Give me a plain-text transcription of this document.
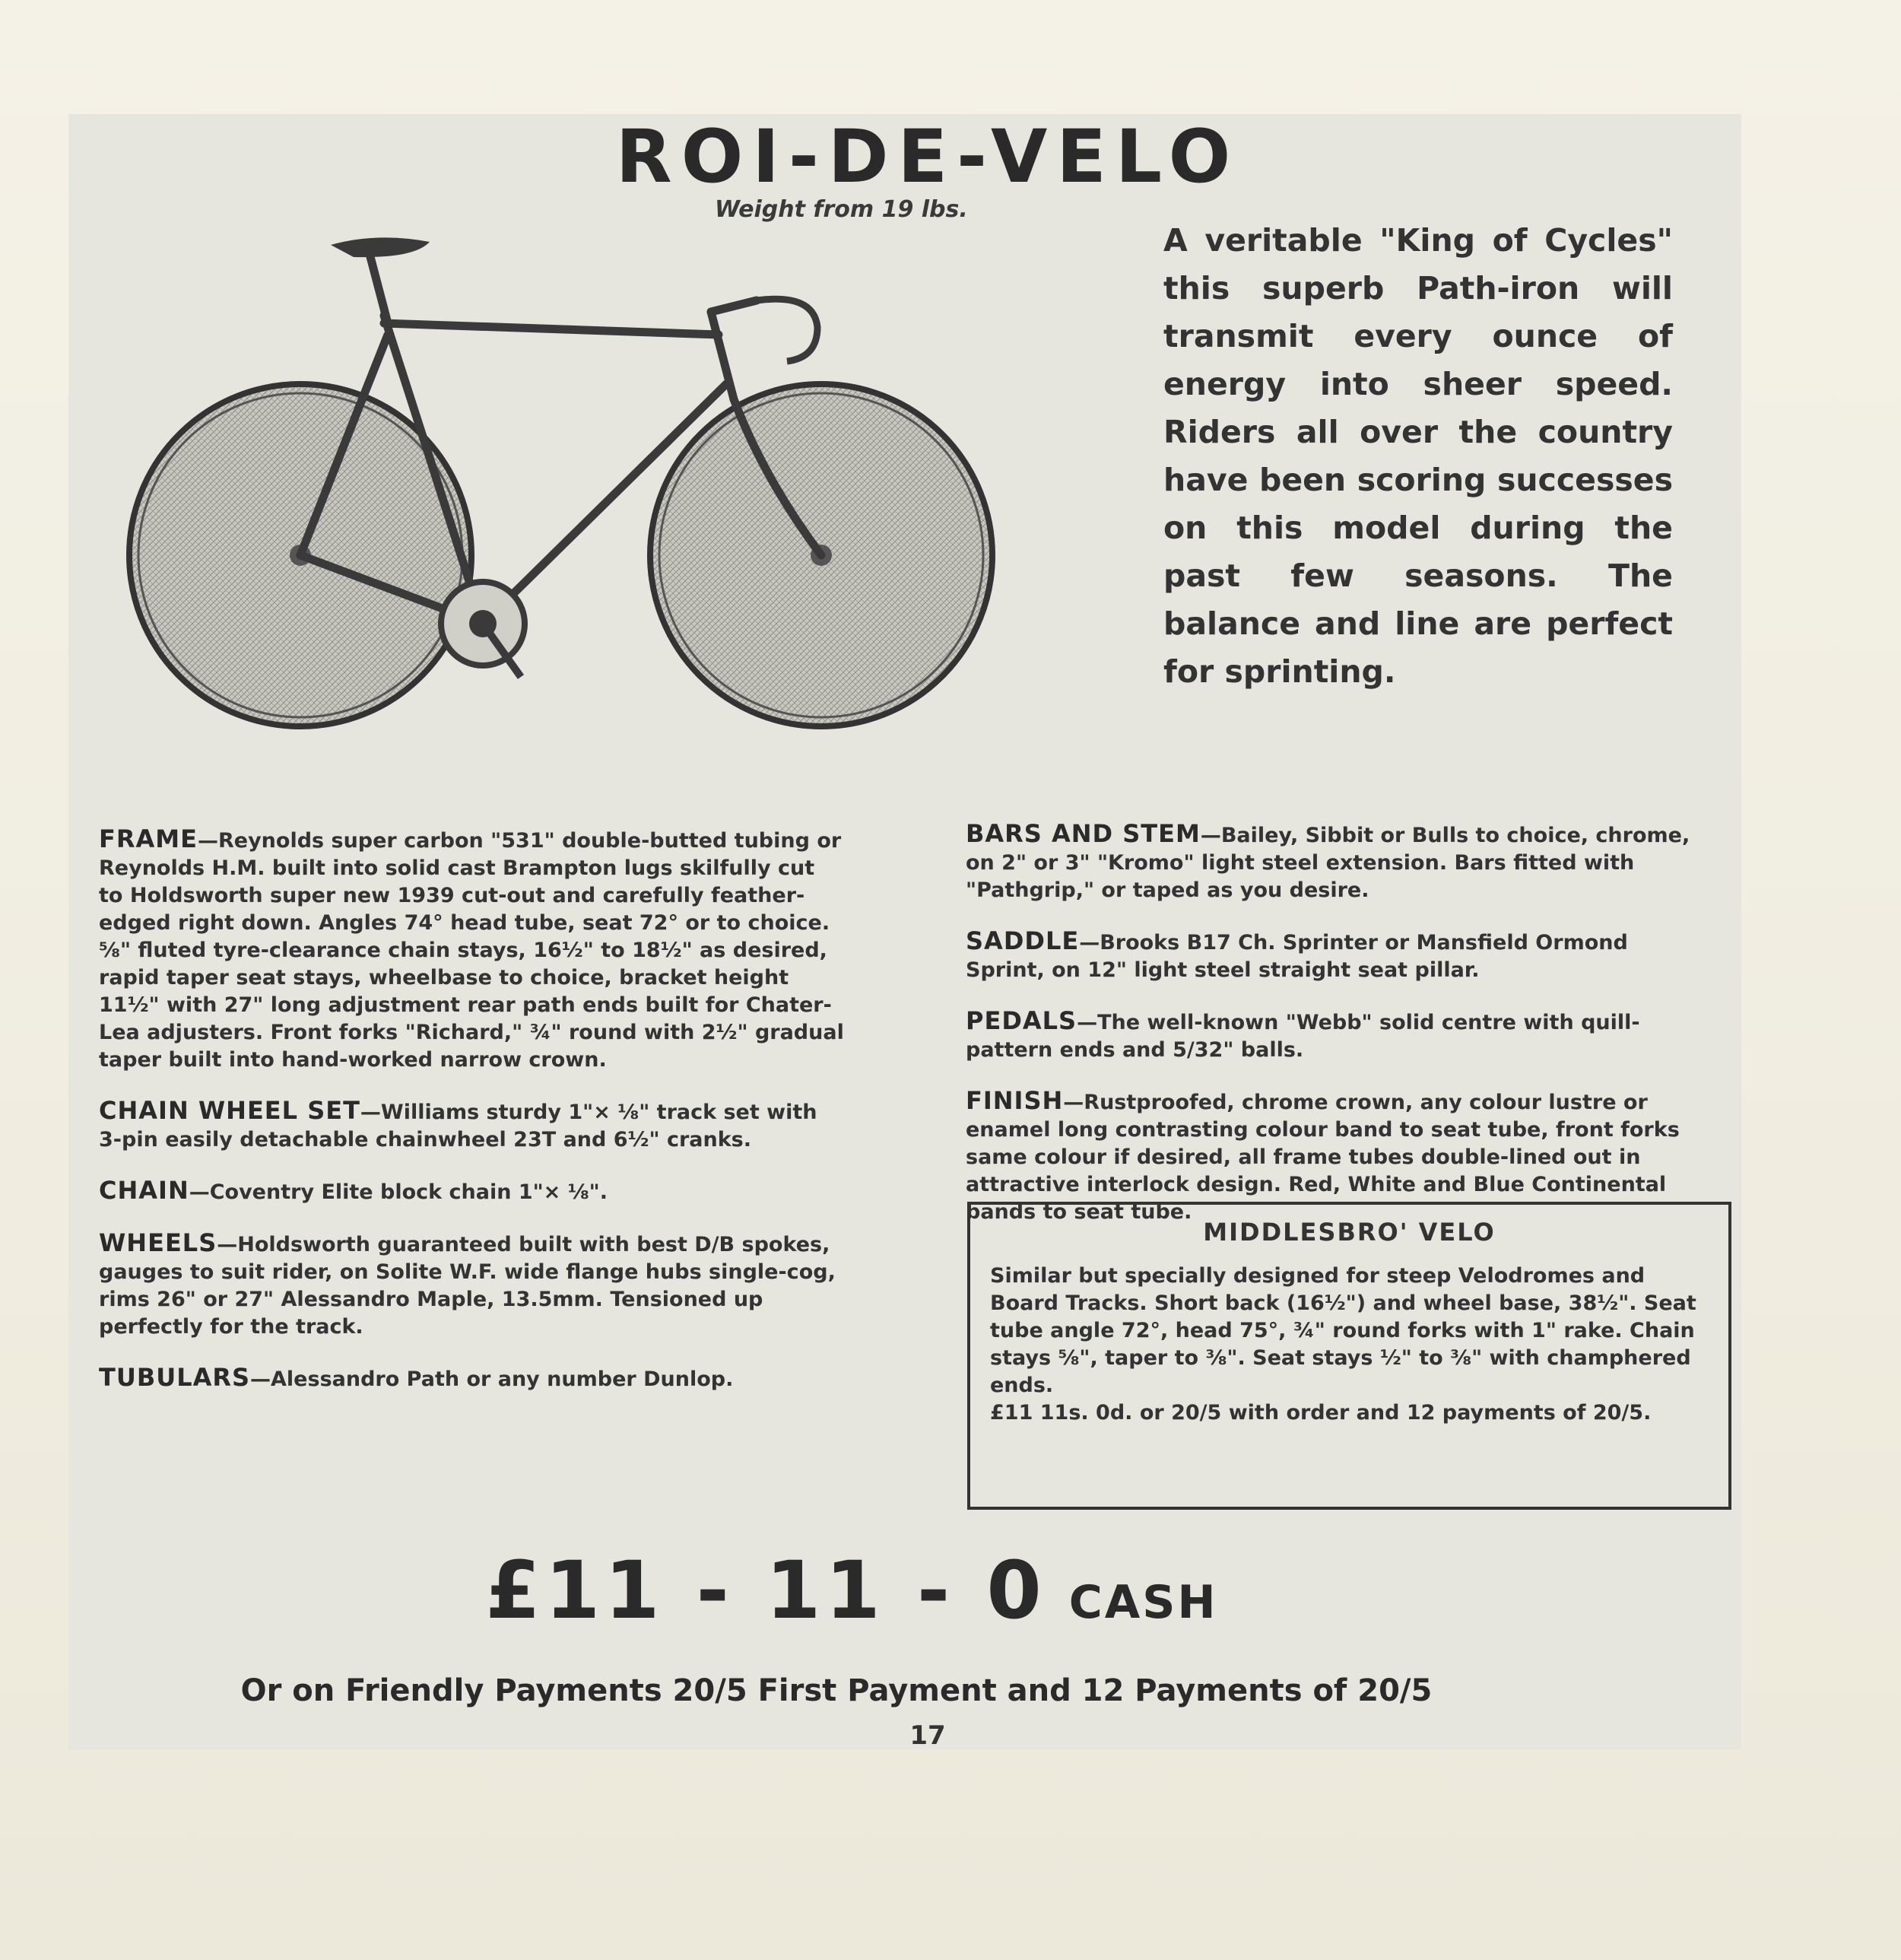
ROI-DE-VELO
Weight from 19 lbs.
A veritable "King of Cycles" this superb Path-iron will transmit every ounce of energy into sheer speed. Riders all over the country have been scoring successes on this model during the past few seasons. The balance and line are perfect for sprinting.
FRAME—Reynolds super carbon "531" double-butted tubing or Reynolds H.M. built into solid cast Brampton lugs skilfully cut to Holdsworth super new 1939 cut-out and carefully feather-edged right down. Angles 74° head tube, seat 72° or to choice. ⅝" fluted tyre-clearance chain stays, 16½" to 18½" as desired, rapid taper seat stays, wheelbase to choice, bracket height 11½" with 27" long adjustment rear path ends built for Chater-Lea adjusters. Front forks "Richard," ¾" round with 2½" gradual taper built into hand-worked narrow crown.
CHAIN WHEEL SET—Williams sturdy 1"× ⅛" track set with 3-pin easily detachable chainwheel 23T and 6½" cranks.
CHAIN—Coventry Elite block chain 1"× ⅛".
WHEELS—Holdsworth guaranteed built with best D/B spokes, gauges to suit rider, on Solite W.F. wide flange hubs single-cog, rims 26" or 27" Alessandro Maple, 13.5mm. Tensioned up perfectly for the track.
TUBULARS—Alessandro Path or any number Dunlop.
BARS AND STEM—Bailey, Sibbit or Bulls to choice, chrome, on 2" or 3" "Kromo" light steel extension. Bars fitted with "Pathgrip," or taped as you desire.
SADDLE—Brooks B17 Ch. Sprinter or Mansfield Ormond Sprint, on 12" light steel straight seat pillar.
PEDALS—The well-known "Webb" solid centre with quill-pattern ends and 5/32" balls.
FINISH—Rustproofed, chrome crown, any colour lustre or enamel long contrasting colour band to seat tube, front forks same colour if desired, all frame tubes double-lined out in attractive interlock design. Red, White and Blue Continental bands to seat tube.
MIDDLESBRO' VELO
Similar but specially designed for steep Velodromes and Board Tracks. Short back (16½") and wheel base, 38½". Seat tube angle 72°, head 75°, ¾" round forks with 1" rake. Chain stays ⅝", taper to ⅜". Seat stays ½" to ⅜" with champhered ends.
£11 11s. 0d. or 20/5 with order and 12 payments of 20/5.
£11 - 11 - 0 CASH
Or on Friendly Payments 20/5 First Payment and 12 Payments of 20/5
17
